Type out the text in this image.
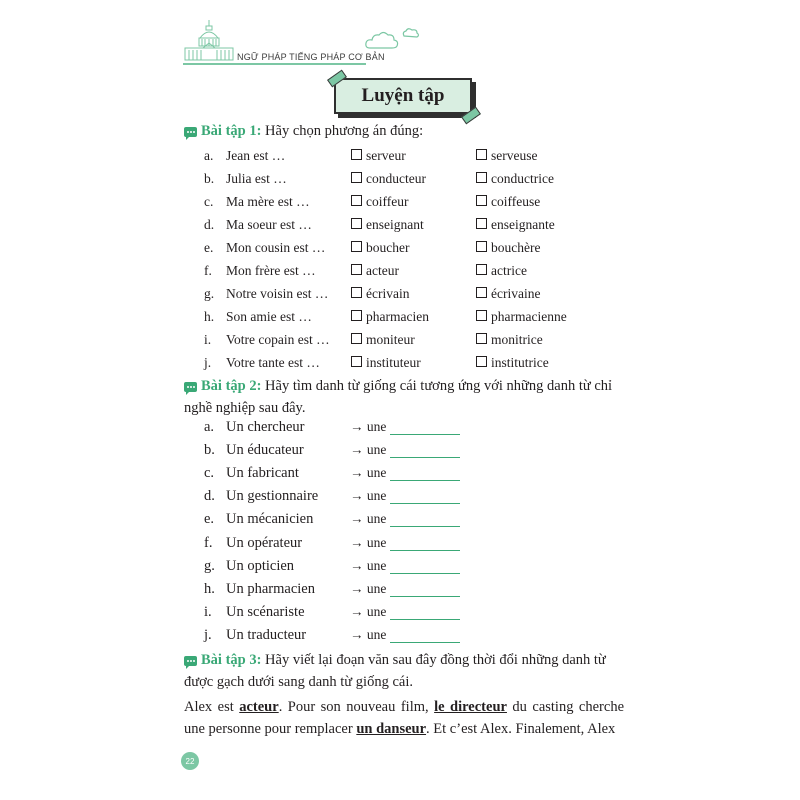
NGỮ PHÁP TIẾNG PHÁP CƠ BẢN
Luyện tập
Bài tập 1: Hãy chọn phương án đúng:
a. Jean est …	serveur	serveuse
b. Julia est …	conducteur	conductrice
c. Ma mère est …	coiffeur	coiffeuse
d. Ma soeur est …	enseignant	enseignante
e. Mon cousin est …	boucher	bouchère
f. Mon frère est …	acteur	actrice
g. Notre voisin est …	écrivain	écrivaine
h. Son amie est …	pharmacien	pharmacienne
i. Votre copain est …	moniteur	monitrice
j. Votre tante est …	instituteur	institutrice
Bài tập 2: Hãy tìm danh từ giống cái tương ứng với những danh từ chỉ nghề nghiệp sau đây.
a. Un chercheur	→ une
b. Un éducateur	→ une
c. Un fabricant	→ une
d. Un gestionnaire → une
e. Un mécanicien	→ une
f. Un opérateur	→ une
g. Un opticien	→ une
h. Un pharmacien	→ une
i. Un scénariste	→ une
j. Un traducteur	→ une
Bài tập 3: Hãy viết lại đoạn văn sau đây đồng thời đổi những danh từ được gạch dưới sang danh từ giống cái.
Alex est acteur. Pour son nouveau film, le directeur du casting cherche une personne pour remplacer un danseur. Et c’est Alex. Finalement, Alex
22
